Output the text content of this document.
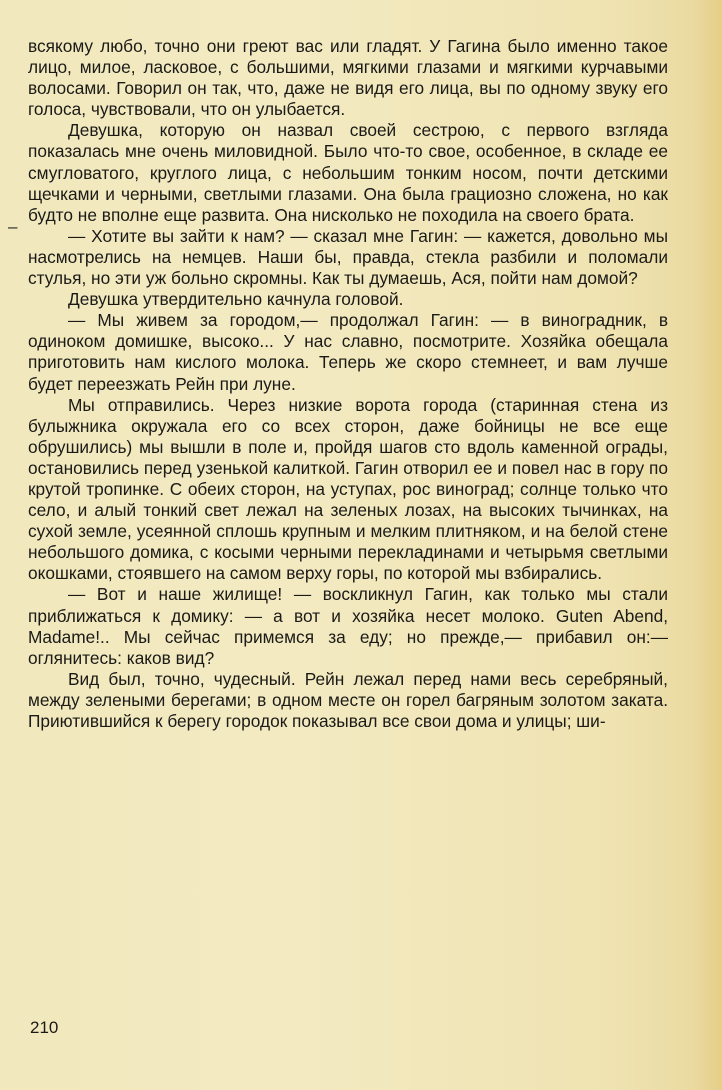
–

всякому любо, точно они греют вас или гладят. У Гагина было именно такое лицо, милое, ласковое, с большими, мягкими глазами и мягкими курчавыми волосами. Говорил он так, что, даже не видя его лица, вы по одному звуку его голоса, чувствовали, что он улыбается.

Девушка, которую он назвал своей сестрою, с первого взгляда показалась мне очень миловидной. Было что-то свое, особенное, в складе ее смугловатого, круглого лица, с небольшим тонким носом, почти детскими щечками и черными, светлыми глазами. Она была грациозно сложена, но как будто не вполне еще развита. Она нисколько не походила на своего брата.

— Хотите вы зайти к нам? — сказал мне Гагин: — кажется, довольно мы насмотрелись на немцев. Наши бы, правда, стекла разбили и поломали стулья, но эти уж больно скромны. Как ты думаешь, Ася, пойти нам домой?

Девушка утвердительно качнула головой.

— Мы живем за городом,— продолжал Гагин: — в виноградник, в одиноком домишке, высоко... У нас славно, посмотрите. Хозяйка обещала приготовить нам кислого молока. Теперь же скоро стемнеет, и вам лучше будет переезжать Рейн при луне.

Мы отправились. Через низкие ворота города (старинная стена из булыжника окружала его со всех сторон, даже бойницы не все еще обрушились) мы вышли в поле и, пройдя шагов сто вдоль каменной ограды, остановились перед узенькой калиткой. Гагин отворил ее и повел нас в гору по крутой тропинке. С обеих сторон, на уступах, рос виноград; солнце только что село, и алый тонкий свет лежал на зеленых лозах, на высоких тычинках, на сухой земле, усеянной сплошь крупным и мелким плитняком, и на белой стене небольшого домика, с косыми черными перекладинами и четырьмя светлыми окошками, стоявшего на самом верху горы, по которой мы взбирались.

— Вот и наше жилище! — воскликнул Гагин, как только мы стали приближаться к домику: — а вот и хозяйка несет молоко. Guten Abend, Madame!.. Мы сейчас примемся за еду; но прежде,— прибавил он:— оглянитесь: каков вид?

Вид был, точно, чудесный. Рейн лежал перед нами весь серебряный, между зелеными берегами; в одном месте он горел багряным золотом заката. Приютившийся к берегу городок показывал все свои дома и улицы; ши-

210
